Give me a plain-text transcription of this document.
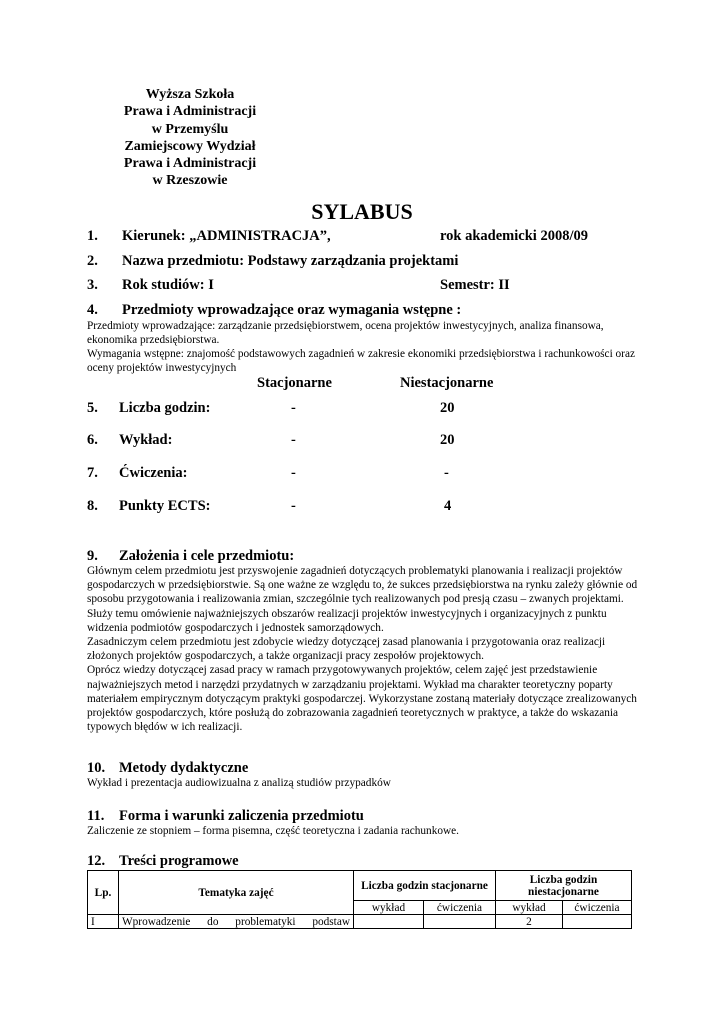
Wyższa Szkoła
Prawa i Administracji
w Przemyślu
Zamiejscowy Wydział
Prawa i Administracji
w Rzeszowie
SYLABUS
1. Kierunek: „ADMINISTRACJA”,	rok akademicki 2008/09
2. Nazwa przedmiotu: Podstawy zarządzania projektami
3. Rok studiów: I	Semestr: II
4. Przedmioty wprowadzające oraz wymagania wstępne :
Przedmioty wprowadzające: zarządzanie przedsiębiorstwem, ocena projektów inwestycyjnych, analiza finansowa, ekonomika przedsiębiorstwa.
Wymagania wstępne: znajomość podstawowych zagadnień w zakresie ekonomiki przedsiębiorstwa i rachunkowości oraz oceny projektów inwestycyjnych
Stacjonarne	Niestacjonarne
5. Liczba godzin:	-	20
6. Wykład:	-	20
7. Ćwiczenia:	-	-
8. Punkty ECTS:	-	4
9. Założenia i cele przedmiotu:
Głównym celem przedmiotu jest przyswojenie zagadnień dotyczących problematyki planowania i realizacji projektów gospodarczych w przedsiębiorstwie. Są one ważne ze względu to, że sukces przedsiębiorstwa na rynku zależy głównie od sposobu przygotowania i realizowania zmian, szczególnie tych realizowanych pod presją czasu – zwanych projektami.
Służy temu omówienie najważniejszych obszarów realizacji projektów inwestycyjnych i organizacyjnych z punktu widzenia podmiotów gospodarczych i jednostek samorządowych.
Zasadniczym celem przedmiotu jest zdobycie wiedzy dotyczącej zasad planowania i przygotowania oraz realizacji złożonych projektów gospodarczych, a także organizacji pracy zespołów projektowych.
Oprócz wiedzy dotyczącej zasad pracy w ramach przygotowywanych projektów, celem zajęć jest przedstawienie najważniejszych metod i narzędzi przydatnych w zarządzaniu projektami. Wykład ma charakter teoretyczny poparty materiałem empirycznym dotyczącym praktyki gospodarczej. Wykorzystane zostaną materiały dotyczące zrealizowanych projektów gospodarczych, które posłużą do zobrazowania zagadnień teoretycznych w praktyce, a także do wskazania typowych błędów w ich realizacji.
10. Metody dydaktyczne
Wykład i prezentacja audiowizualna z analizą studiów przypadków
11. Forma i warunki zaliczenia przedmiotu
Zaliczenie ze stopniem – forma pisemna, część teoretyczna i zadania rachunkowe.
12. Treści programowe
Lp.	Tematyka zajęć	Liczba godzin stacjonarne		Liczba godzin niestacjonarne	
		wykład	ćwiczenia	wykład	ćwiczenia
I	Wprowadzenie do problematyki podstaw			2	
